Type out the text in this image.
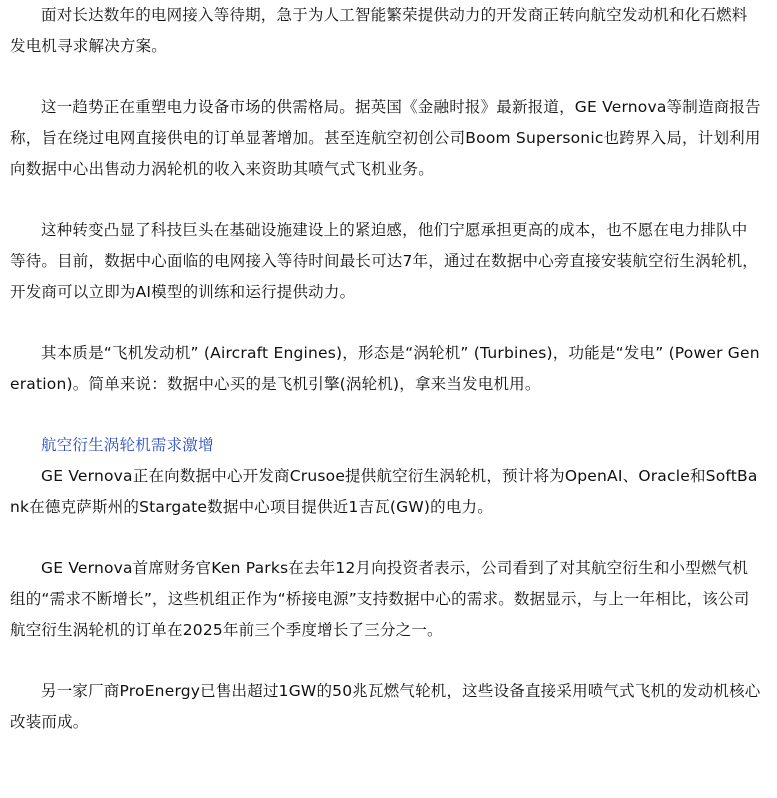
面对长达数年的电网接入等待期，急于为人工智能繁荣提供动力的开发商正转向航空发动机和化石燃料发电机寻求解决方案。

这一趋势正在重塑电力设备市场的供需格局。据英国《金融时报》最新报道，GE Vernova等制造商报告称，旨在绕过电网直接供电的订单显著增加。甚至连航空初创公司Boom Supersonic也跨界入局，计划利用向数据中心出售动力涡轮机的收入来资助其喷气式飞机业务。

这种转变凸显了科技巨头在基础设施建设上的紧迫感，他们宁愿承担更高的成本，也不愿在电力排队中等待。目前，数据中心面临的电网接入等待时间最长可达7年，通过在数据中心旁直接安装航空衍生涡轮机，开发商可以立即为AI模型的训练和运行提供动力。

其本质是“飞机发动机” (Aircraft Engines)，形态是“涡轮机” (Turbines)，功能是“发电” (Power Generation)。简单来说：数据中心买的是飞机引擎(涡轮机)，拿来当发电机用。

航空衍生涡轮机需求激增

GE Vernova正在向数据中心开发商Crusoe提供航空衍生涡轮机，预计将为OpenAI、Oracle和SoftBank在德克萨斯州的Stargate数据中心项目提供近1吉瓦(GW)的电力。

GE Vernova首席财务官Ken Parks在去年12月向投资者表示，公司看到了对其航空衍生和小型燃气机组的“需求不断增长”，这些机组正作为“桥接电源”支持数据中心的需求。数据显示，与上一年相比，该公司航空衍生涡轮机的订单在2025年前三个季度增长了三分之一。

另一家厂商ProEnergy已售出超过1GW的50兆瓦燃气轮机，这些设备直接采用喷气式飞机的发动机核心改装而成。
